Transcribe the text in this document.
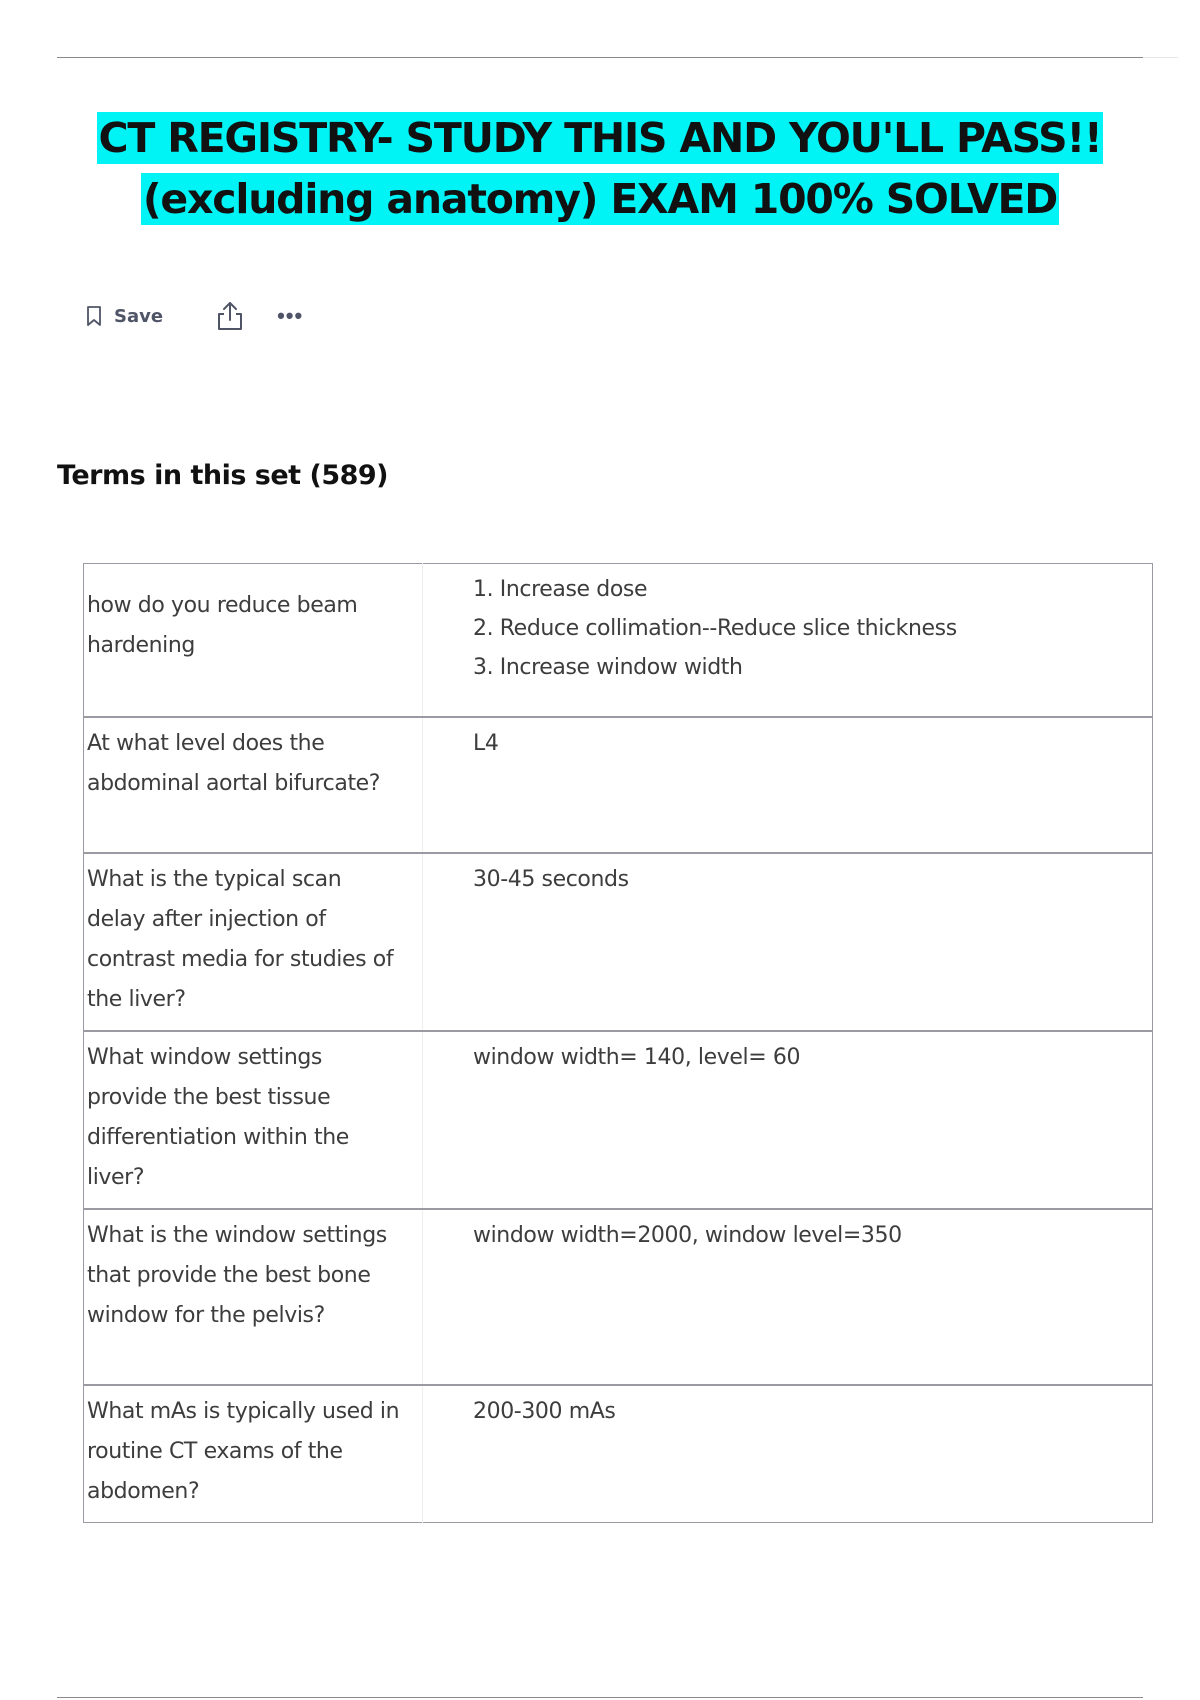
CT REGISTRY- STUDY THIS AND YOU'LL PASS!!
(excluding anatomy) EXAM 100% SOLVED
Save	•••
Terms in this set (589)
how do you reduce beam hardening	1. Increase dose
2. Reduce collimation--Reduce slice thickness
3. Increase window width

At what level does the abdominal aortal bifurcate?	L4

What is the typical scan delay after injection of contrast media for studies of the liver?	30-45 seconds

What window settings provide the best tissue differentiation within the liver?	window width= 140, level= 60

What is the window settings that provide the best bone window for the pelvis?	window width=2000, window level=350

What mAs is typically used in routine CT exams of the abdomen?	200-300 mAs
